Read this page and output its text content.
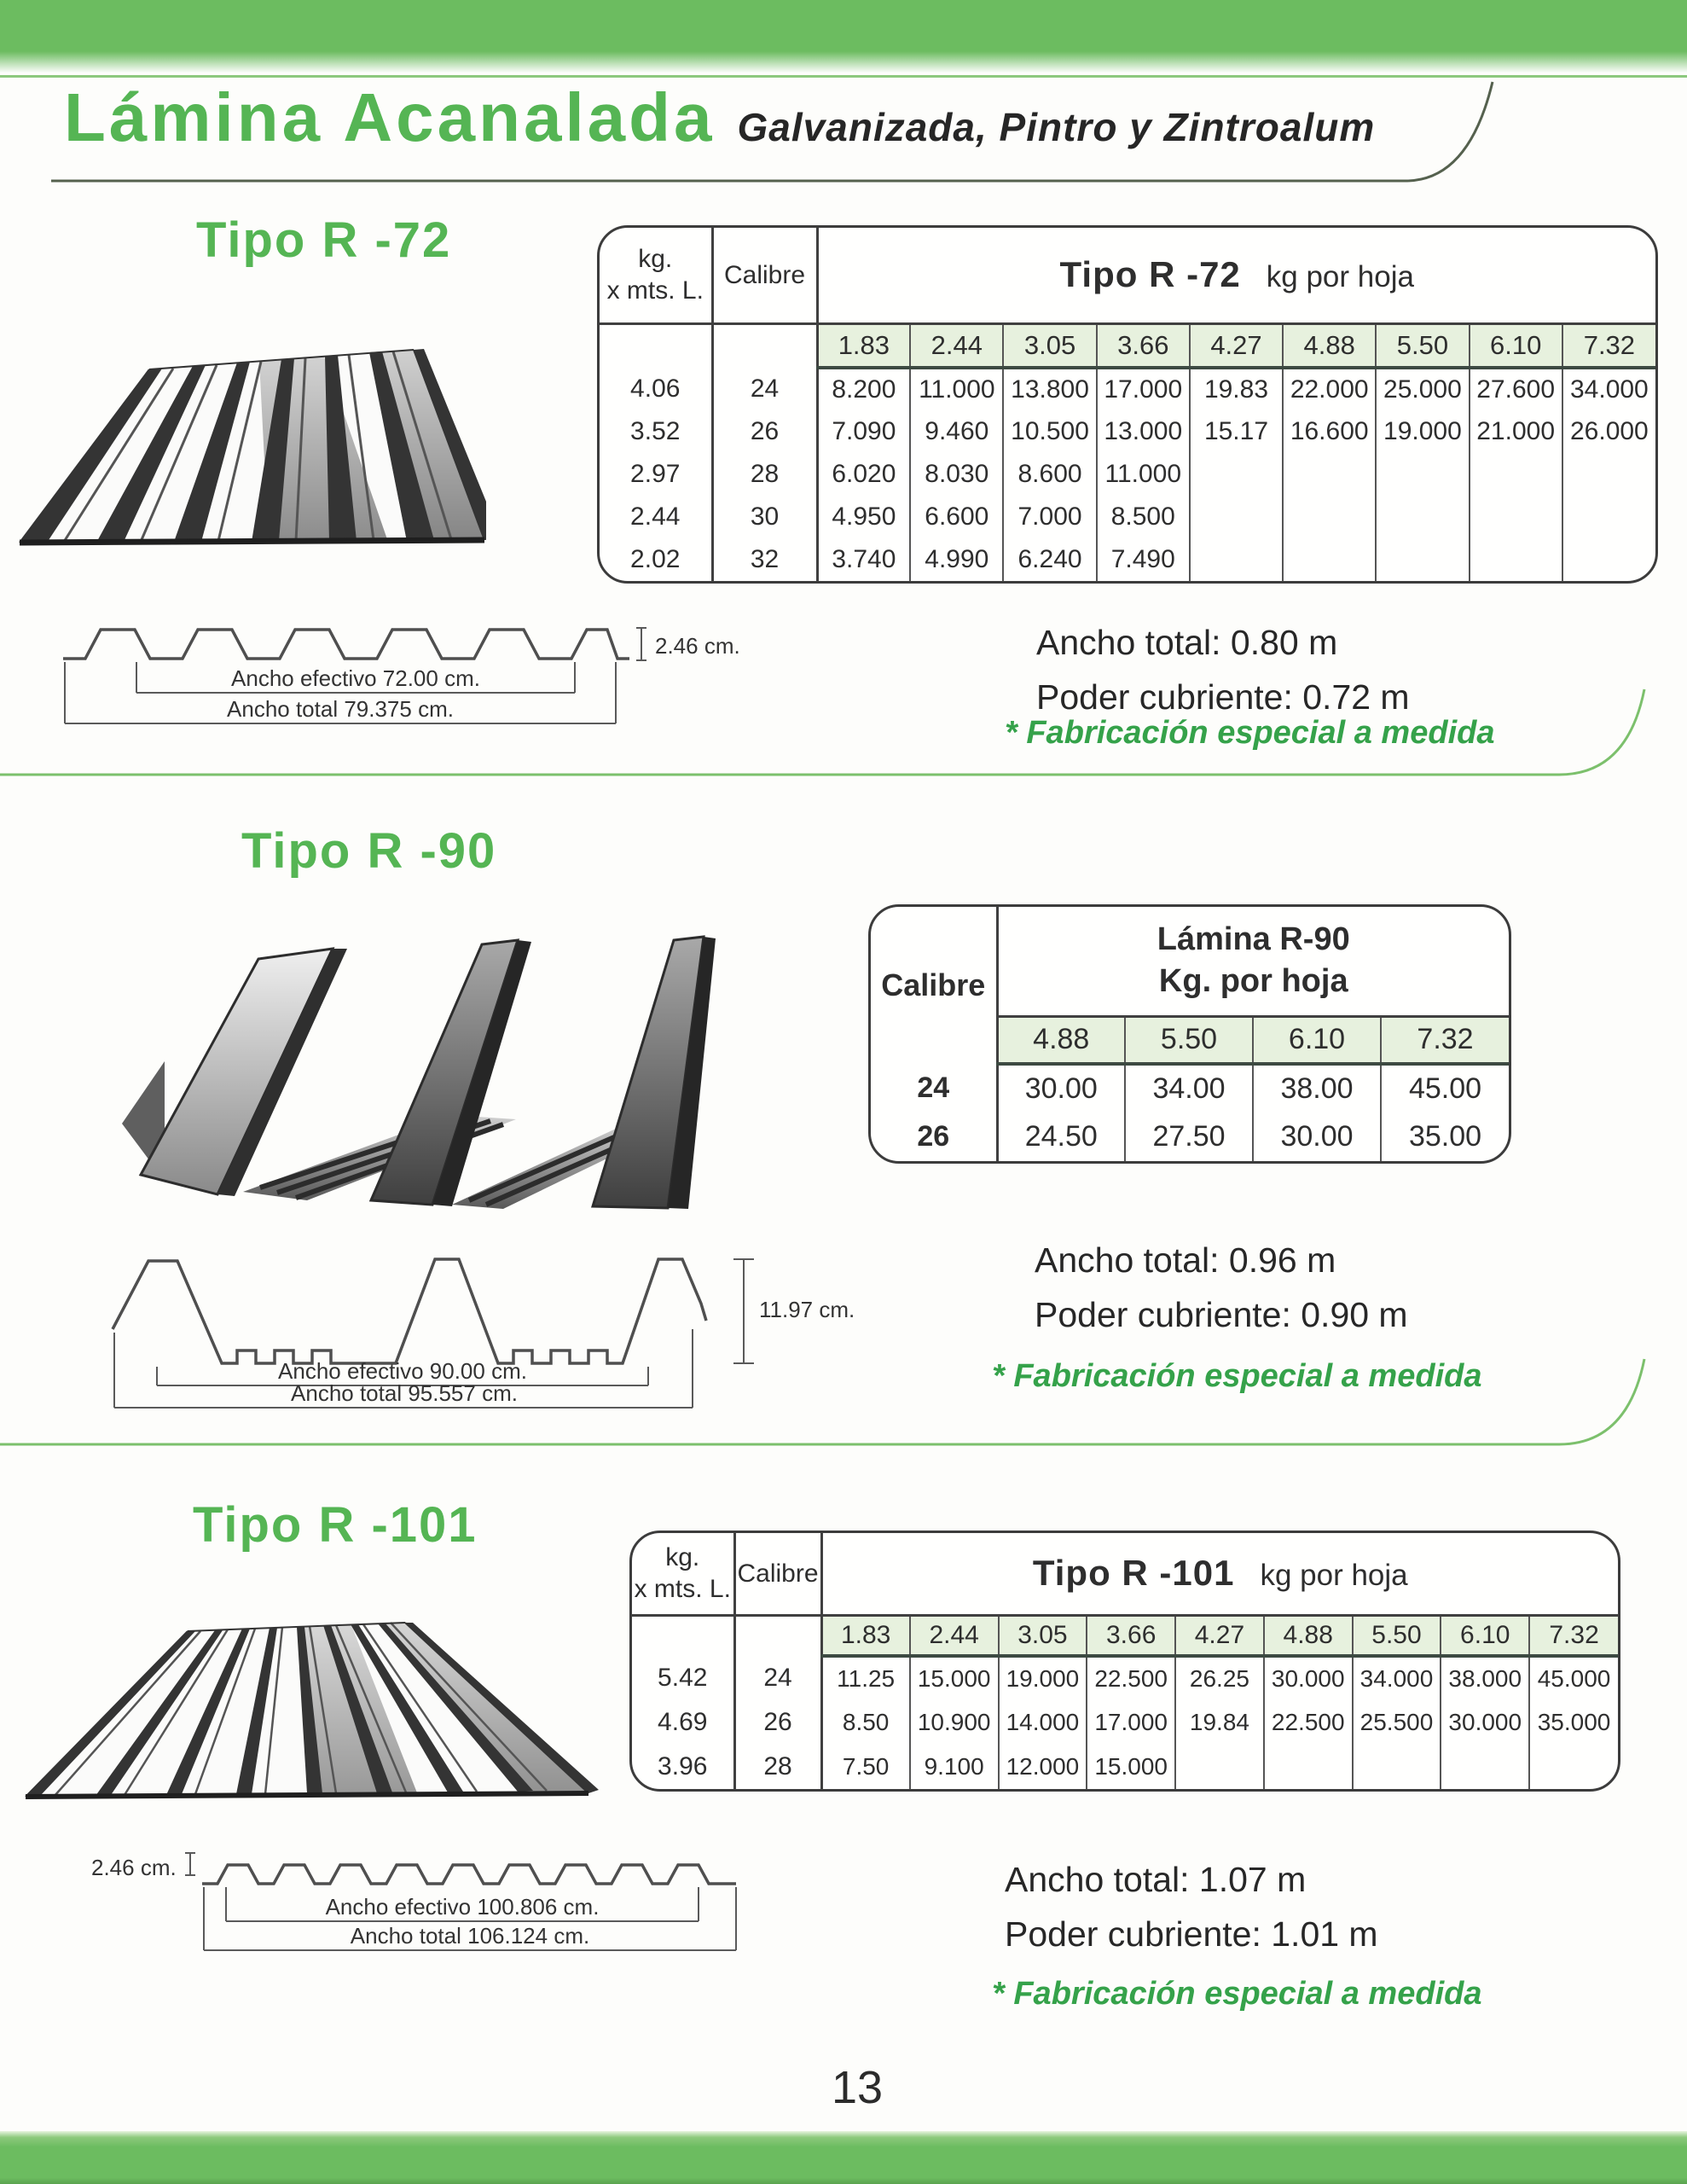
Lámina Acanalada Galvanizada, Pintro y Zintroalum
Tipo R -72	kg.
x mts. L.	Calibre	Tipo R -72 kg por hoja								
		1.83	2.44	3.05	3.66	4.27	4.88	5.50	6.10	7.32
4.06	24	8.200	11.000	13.800	17.000	19.83	22.000	25.000	27.600	34.000
3.52	26	7.090	9.460	10.500	13.000	15.17	16.600	19.000	21.000	26.000
2.97	28	6.020	8.030	8.600	11.000					
2.44	30	4.950	6.600	7.000	8.500					
2.02	32	3.740	4.990	6.240	7.490					
Ancho efectivo 72.00 cm.
Ancho total 79.375 cm.
2.46 cm.	Ancho total: 0.80 m
Poder cubriente: 0.72 m
* Fabricación especial a medida
Tipo R -90
Calibre	Lámina R-90
Kg. por hoja			

	4.88	5.50	6.10	7.32
24	30.00	34.00	38.00	45.00
26	24.50	27.50	30.00	35.00
Ancho efectivo 90.00 cm.
Ancho total 95.557 cm.
11.97 cm.
Ancho total: 0.96 m
Poder cubriente: 0.90 m
* Fabricación especial a medida
Tipo R -101
kg.
x mts. L.	Calibre	Tipo R -101 kg por hoja								
		1.83	2.44	3.05	3.66	4.27	4.88	5.50	6.10	7.32
5.42	24	11.25	15.000	19.000	22.500	26.25	30.000	34.000	38.000	45.000
4.69	26	8.50	10.900	14.000	17.000	19.84	22.500	25.500	30.000	35.000
3.96	28	7.50	9.100	12.000	15.000					
2.46 cm.
Ancho efectivo 100.806 cm.
Ancho total 106.124 cm.
Ancho total: 1.07 m
Poder cubriente: 1.01 m
* Fabricación especial a medida
13
